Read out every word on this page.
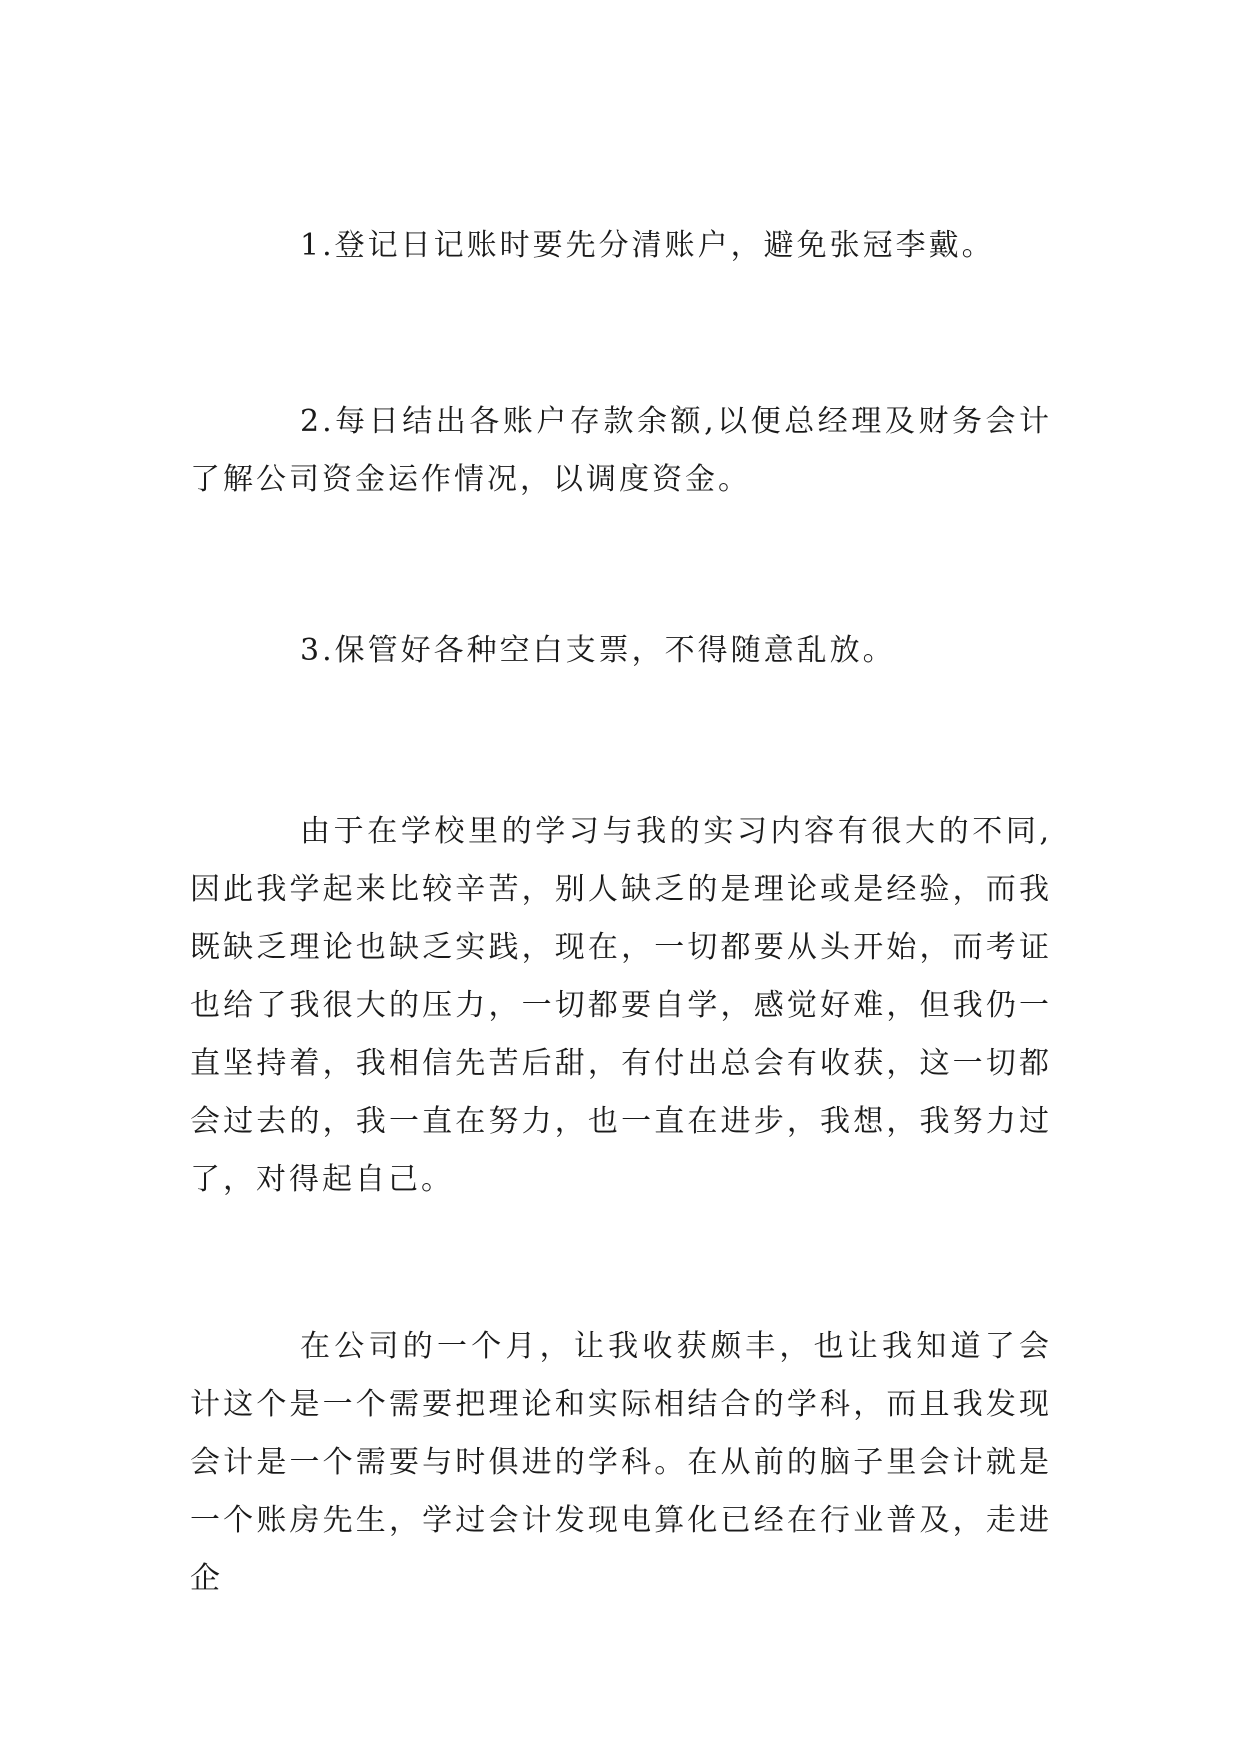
1.登记日记账时要先分清账户，避免张冠李戴。

2.每日结出各账户存款余额,以便总经理及财务会计了解公司资金运作情况，以调度资金。

3.保管好各种空白支票，不得随意乱放。

由于在学校里的学习与我的实习内容有很大的不同,因此我学起来比较辛苦，别人缺乏的是理论或是经验，而我既缺乏理论也缺乏实践，现在，一切都要从头开始，而考证也给了我很大的压力，一切都要自学，感觉好难，但我仍一直坚持着，我相信先苦后甜，有付出总会有收获，这一切都会过去的，我一直在努力，也一直在进步，我想，我努力过了，对得起自己。

在公司的一个月，让我收获颇丰，也让我知道了会计这个是一个需要把理论和实际相结合的学科，而且我发现会计是一个需要与时俱进的学科。在从前的脑子里会计就是一个账房先生，学过会计发现电算化已经在行业普及，走进企
